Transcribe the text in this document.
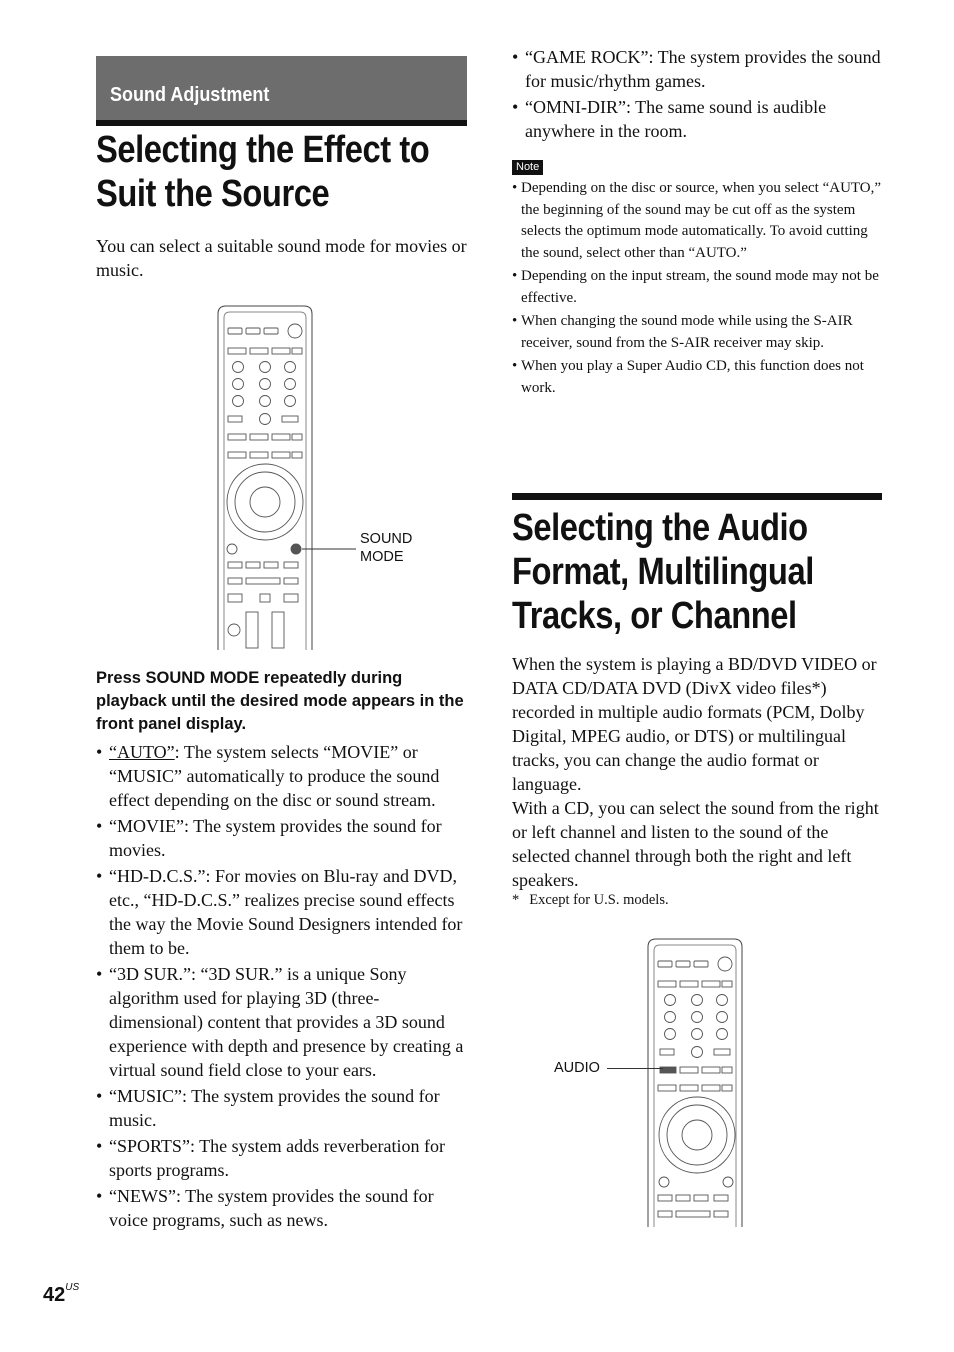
Sound Adjustment
Selecting the Effect to
Suit the Source
You can select a suitable sound mode for movies or music.
SOUND
MODE
Press SOUND MODE repeatedly during playback until the desired mode appears in the front panel display.
• “AUTO”: The system selects “MOVIE” or “MUSIC” automatically to produce the sound effect depending on the disc or sound stream.
• “MOVIE”: The system provides the sound for movies.
• “HD-D.C.S.”: For movies on Blu-ray and DVD, etc., “HD-D.C.S.” realizes precise sound effects the way the Movie Sound Designers intended for them to be.
• “3D SUR.”: “3D SUR.” is a unique Sony algorithm used for playing 3D (three-dimensional) content that provides a 3D sound experience with depth and presence by creating a virtual sound field close to your ears.
• “MUSIC”: The system provides the sound for music.
• “SPORTS”: The system adds reverberation for sports programs.
• “NEWS”: The system provides the sound for voice programs, such as news.
• “GAME ROCK”: The system provides the sound for music/rhythm games.
• “OMNI-DIR”: The same sound is audible anywhere in the room.
Note
• Depending on the disc or source, when you select “AUTO,” the beginning of the sound may be cut off as the system selects the optimum mode automatically. To avoid cutting the sound, select other than “AUTO.”
• Depending on the input stream, the sound mode may not be effective.
• When changing the sound mode while using the S-AIR receiver, sound from the S-AIR receiver may skip.
• When you play a Super Audio CD, this function does not work.
Selecting the Audio
Format, Multilingual
Tracks, or Channel
When the system is playing a BD/DVD VIDEO or DATA CD/DATA DVD (DivX video files*) recorded in multiple audio formats (PCM, Dolby Digital, MPEG audio, or DTS) or multilingual tracks, you can change the audio format or language.
With a CD, you can select the sound from the right or left channel and listen to the sound of the selected channel through both the right and left speakers.
* Except for U.S. models.
AUDIO
$42^{US}$
